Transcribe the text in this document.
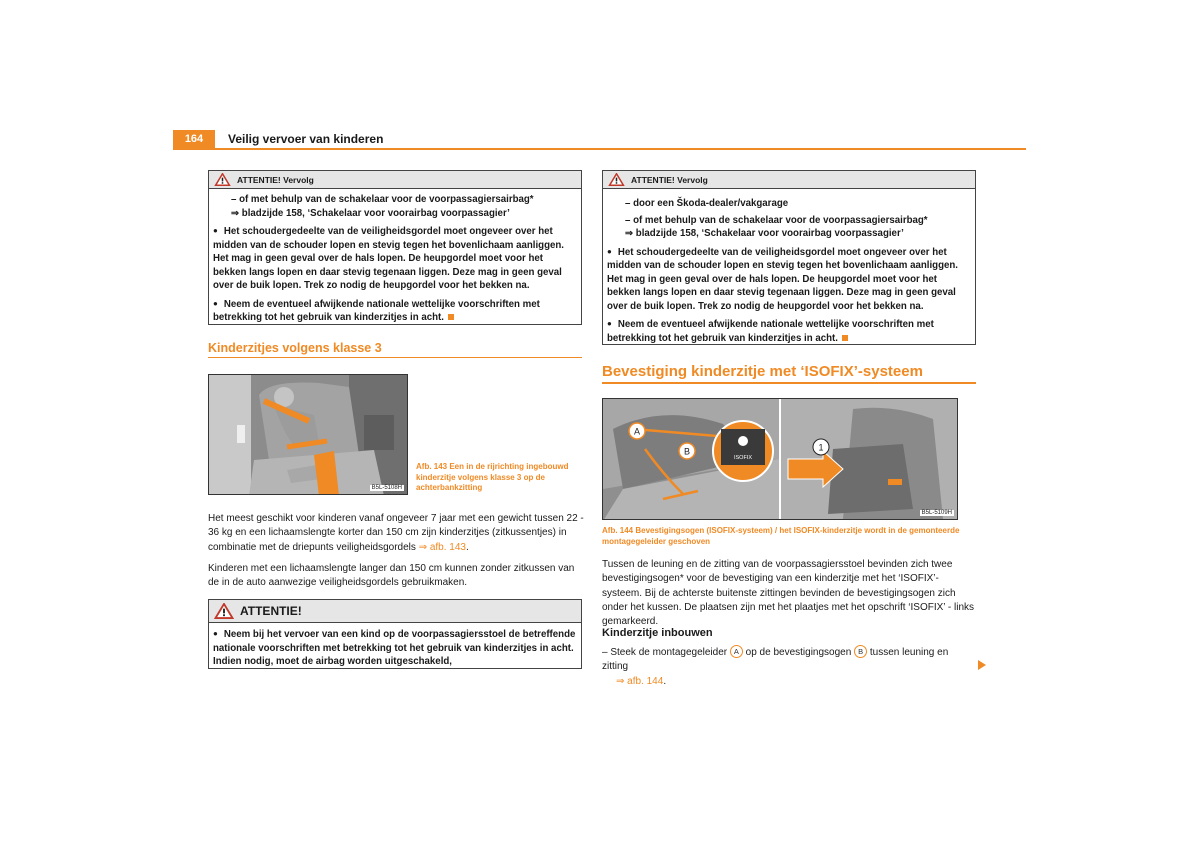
164	Veilig vervoer van kinderen
ATTENTIE! Vervolg

– of met behulp van de schakelaar voor de voorpassagiersairbag*
⇒ bladzijde 158, ‘Schakelaar voor voorairbag voorpassagier’

● Het schoudergedeelte van de veiligheidsgordel moet ongeveer over het midden van de schouder lopen en stevig tegen het bovenlichaam aanliggen. Het mag in geen geval over de hals lopen. De heupgordel moet voor het bekken langs lopen en daar stevig tegenaan liggen. Deze mag in geen geval over de buik lopen. Trek zo nodig de heupgordel voor het bekken na.

● Neem de eventueel afwijkende nationale wettelijke voorschriften met betrekking tot het gebruik van kinderzitjes in acht.

Kinderzitjes volgens klasse 3
B5L-5108H
Afb. 143 Een in de rijrichting ingebouwd kinderzitje volgens klasse 3 op de achterbankzitting

Het meest geschikt voor kinderen vanaf ongeveer 7 jaar met een gewicht tussen 22 - 36 kg en een lichaamslengte korter dan 150 cm zijn kinderzitjes (zitkussentjes) in combinatie met de driepunts veiligheidsgordels ⇒ afb. 143.

Kinderen met een lichaamslengte langer dan 150 cm kunnen zonder zitkussen van de in de auto aanwezige veiligheidsgordels gebruikmaken.

ATTENTIE!

● Neem bij het vervoer van een kind op de voorpassagiersstoel de betreffende nationale voorschriften met betrekking tot het gebruik van kinderzitjes in acht. Indien nodig, moet de airbag worden uitgeschakeld,

ATTENTIE! Vervolg

– door een Škoda-dealer/vakgarage

– of met behulp van de schakelaar voor de voorpassagiersairbag*
⇒ bladzijde 158, ‘Schakelaar voor voorairbag voorpassagier’

● Het schoudergedeelte van de veiligheidsgordel moet ongeveer over het midden van de schouder lopen en stevig tegen het bovenlichaam aanliggen. Het mag in geen geval over de hals lopen. De heupgordel moet voor het bekken langs lopen en daar stevig tegenaan liggen. Deze mag in geen geval over de buik lopen. Trek zo nodig de heupgordel voor het bekken na.

● Neem de eventueel afwijkende nationale wettelijke voorschriften met betrekking tot het gebruik van kinderzitjes in acht.

Bevestiging kinderzitje met ‘ISOFIX’-systeem
A
B
ISOFIX
1
B5L-5109H
Afb. 144 Bevestigingsogen (ISOFIX-systeem) / het ISOFIX-kinderzitje wordt in de gemonteerde montagegeleider geschoven

Tussen de leuning en de zitting van de voorpassagiersstoel bevinden zich twee bevestigingsogen* voor de bevestiging van een kinderzitje met het ‘ISOFIX’-systeem. Bij de achterste buitenste zittingen bevinden de bevestigingsogen zich onder het kussen. De plaatsen zijn met het plaatjes met het opschrift ‘ISOFIX’ - links gemarkeerd.

Kinderzitje inbouwen
– Steek de montagegeleider A op de bevestigingsogen B tussen leuning en zitting
⇒ afb. 144.
